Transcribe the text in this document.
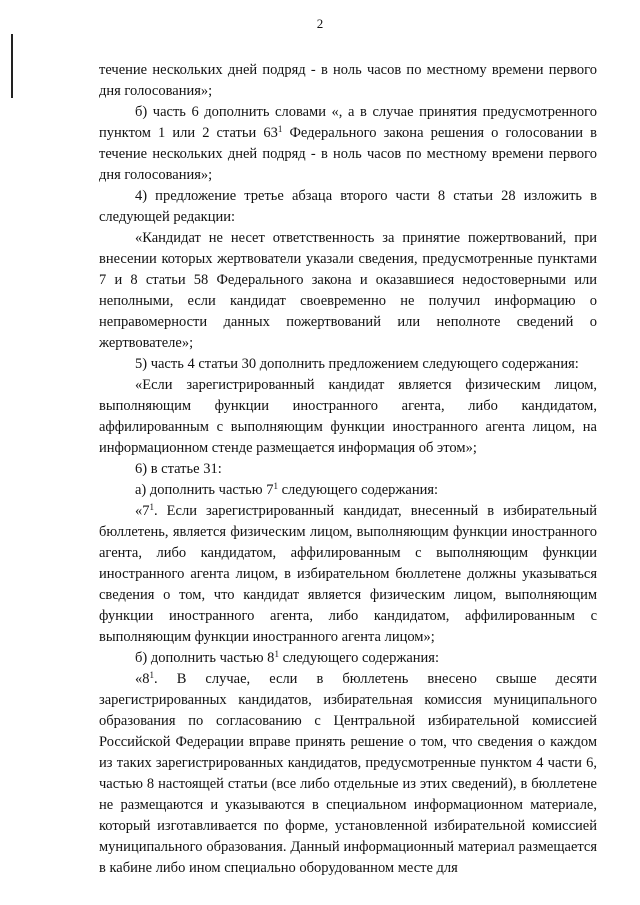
2

течение нескольких дней подряд - в ноль часов по местному времени первого дня голосования»;

б) часть 6 дополнить словами «, а в случае принятия предусмотренного пунктом 1 или 2 статьи $63^1$ Федерального закона решения о голосовании в течение нескольких дней подряд - в ноль часов по местному времени первого дня голосования»;

4) предложение третье абзаца второго части 8 статьи 28 изложить в следующей редакции:

«Кандидат не несет ответственность за принятие пожертвований, при внесении которых жертвователи указали сведения, предусмотренные пунктами 7 и 8 статьи 58 Федерального закона и оказавшиеся недостоверными или неполными, если кандидат своевременно не получил информацию о неправомерности данных пожертвований или неполноте сведений о жертвователе»;

5) часть 4 статьи 30 дополнить предложением следующего содержания:

«Если зарегистрированный кандидат является физическим лицом, выполняющим функции иностранного агента, либо кандидатом, аффилированным с выполняющим функции иностранного агента лицом, на информационном стенде размещается информация об этом»;

6) в статье 31:

а) дополнить частью $7^1$ следующего содержания:

«$7^1$. Если зарегистрированный кандидат, внесенный в избирательный бюллетень, является физическим лицом, выполняющим функции иностранного агента, либо кандидатом, аффилированным с выполняющим функции иностранного агента лицом, в избирательном бюллетене должны указываться сведения о том, что кандидат является физическим лицом, выполняющим функции иностранного агента, либо кандидатом, аффилированным с выполняющим функции иностранного агента лицом»;

б) дополнить частью $8^1$ следующего содержания:

«$8^1$. В случае, если в бюллетень внесено свыше десяти зарегистрированных кандидатов, избирательная комиссия муниципального образования по согласованию с Центральной избирательной комиссией Российской Федерации вправе принять решение о том, что сведения о каждом из таких зарегистрированных кандидатов, предусмотренные пунктом 4 части 6, частью 8 настоящей статьи (все либо отдельные из этих сведений), в бюллетене не размещаются и указываются в специальном информационном материале, который изготавливается по форме, установленной избирательной комиссией муниципального образования. Данный информационный материал размещается в кабине либо ином специально оборудованном месте для
